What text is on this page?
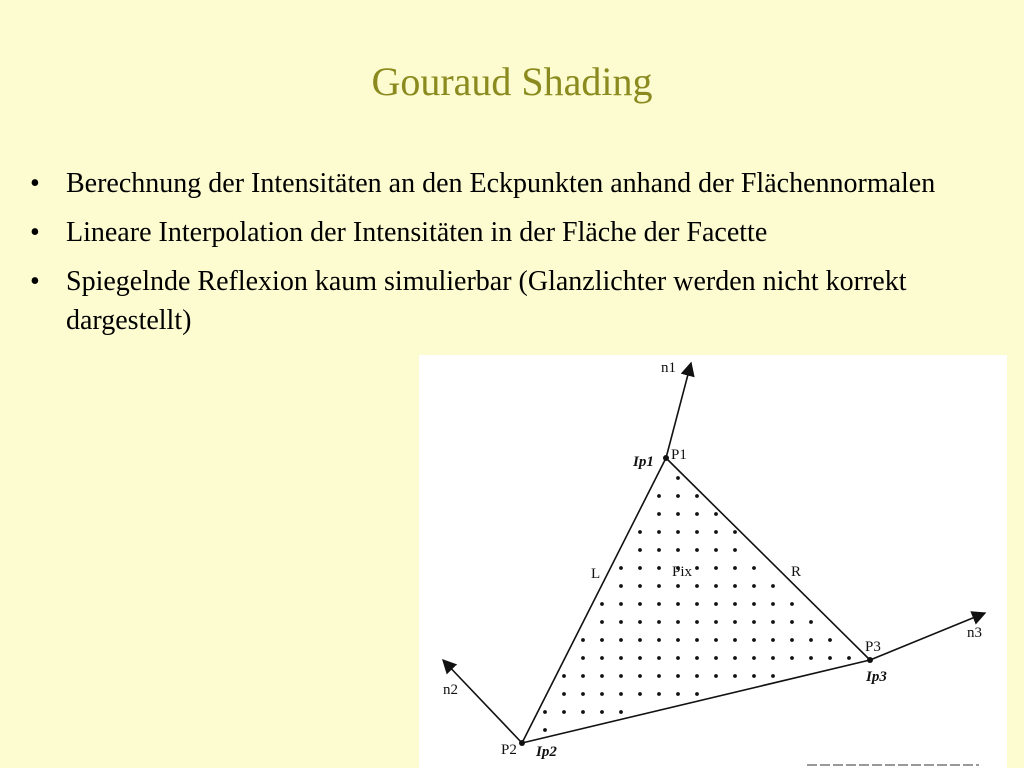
Gouraud Shading
• Berechnung der Intensitäten an den Eckpunkten anhand der Flächennormalen
• Lineare Interpolation der Intensitäten in der Fläche der Facette
• Spiegelnde Reflexion kaum simulierbar (Glanzlichter werden nicht korrekt dargestellt)
n1
n2
n3
P1
P2
P3
Ip1
Ip2
Ip3
L	R
Pix
